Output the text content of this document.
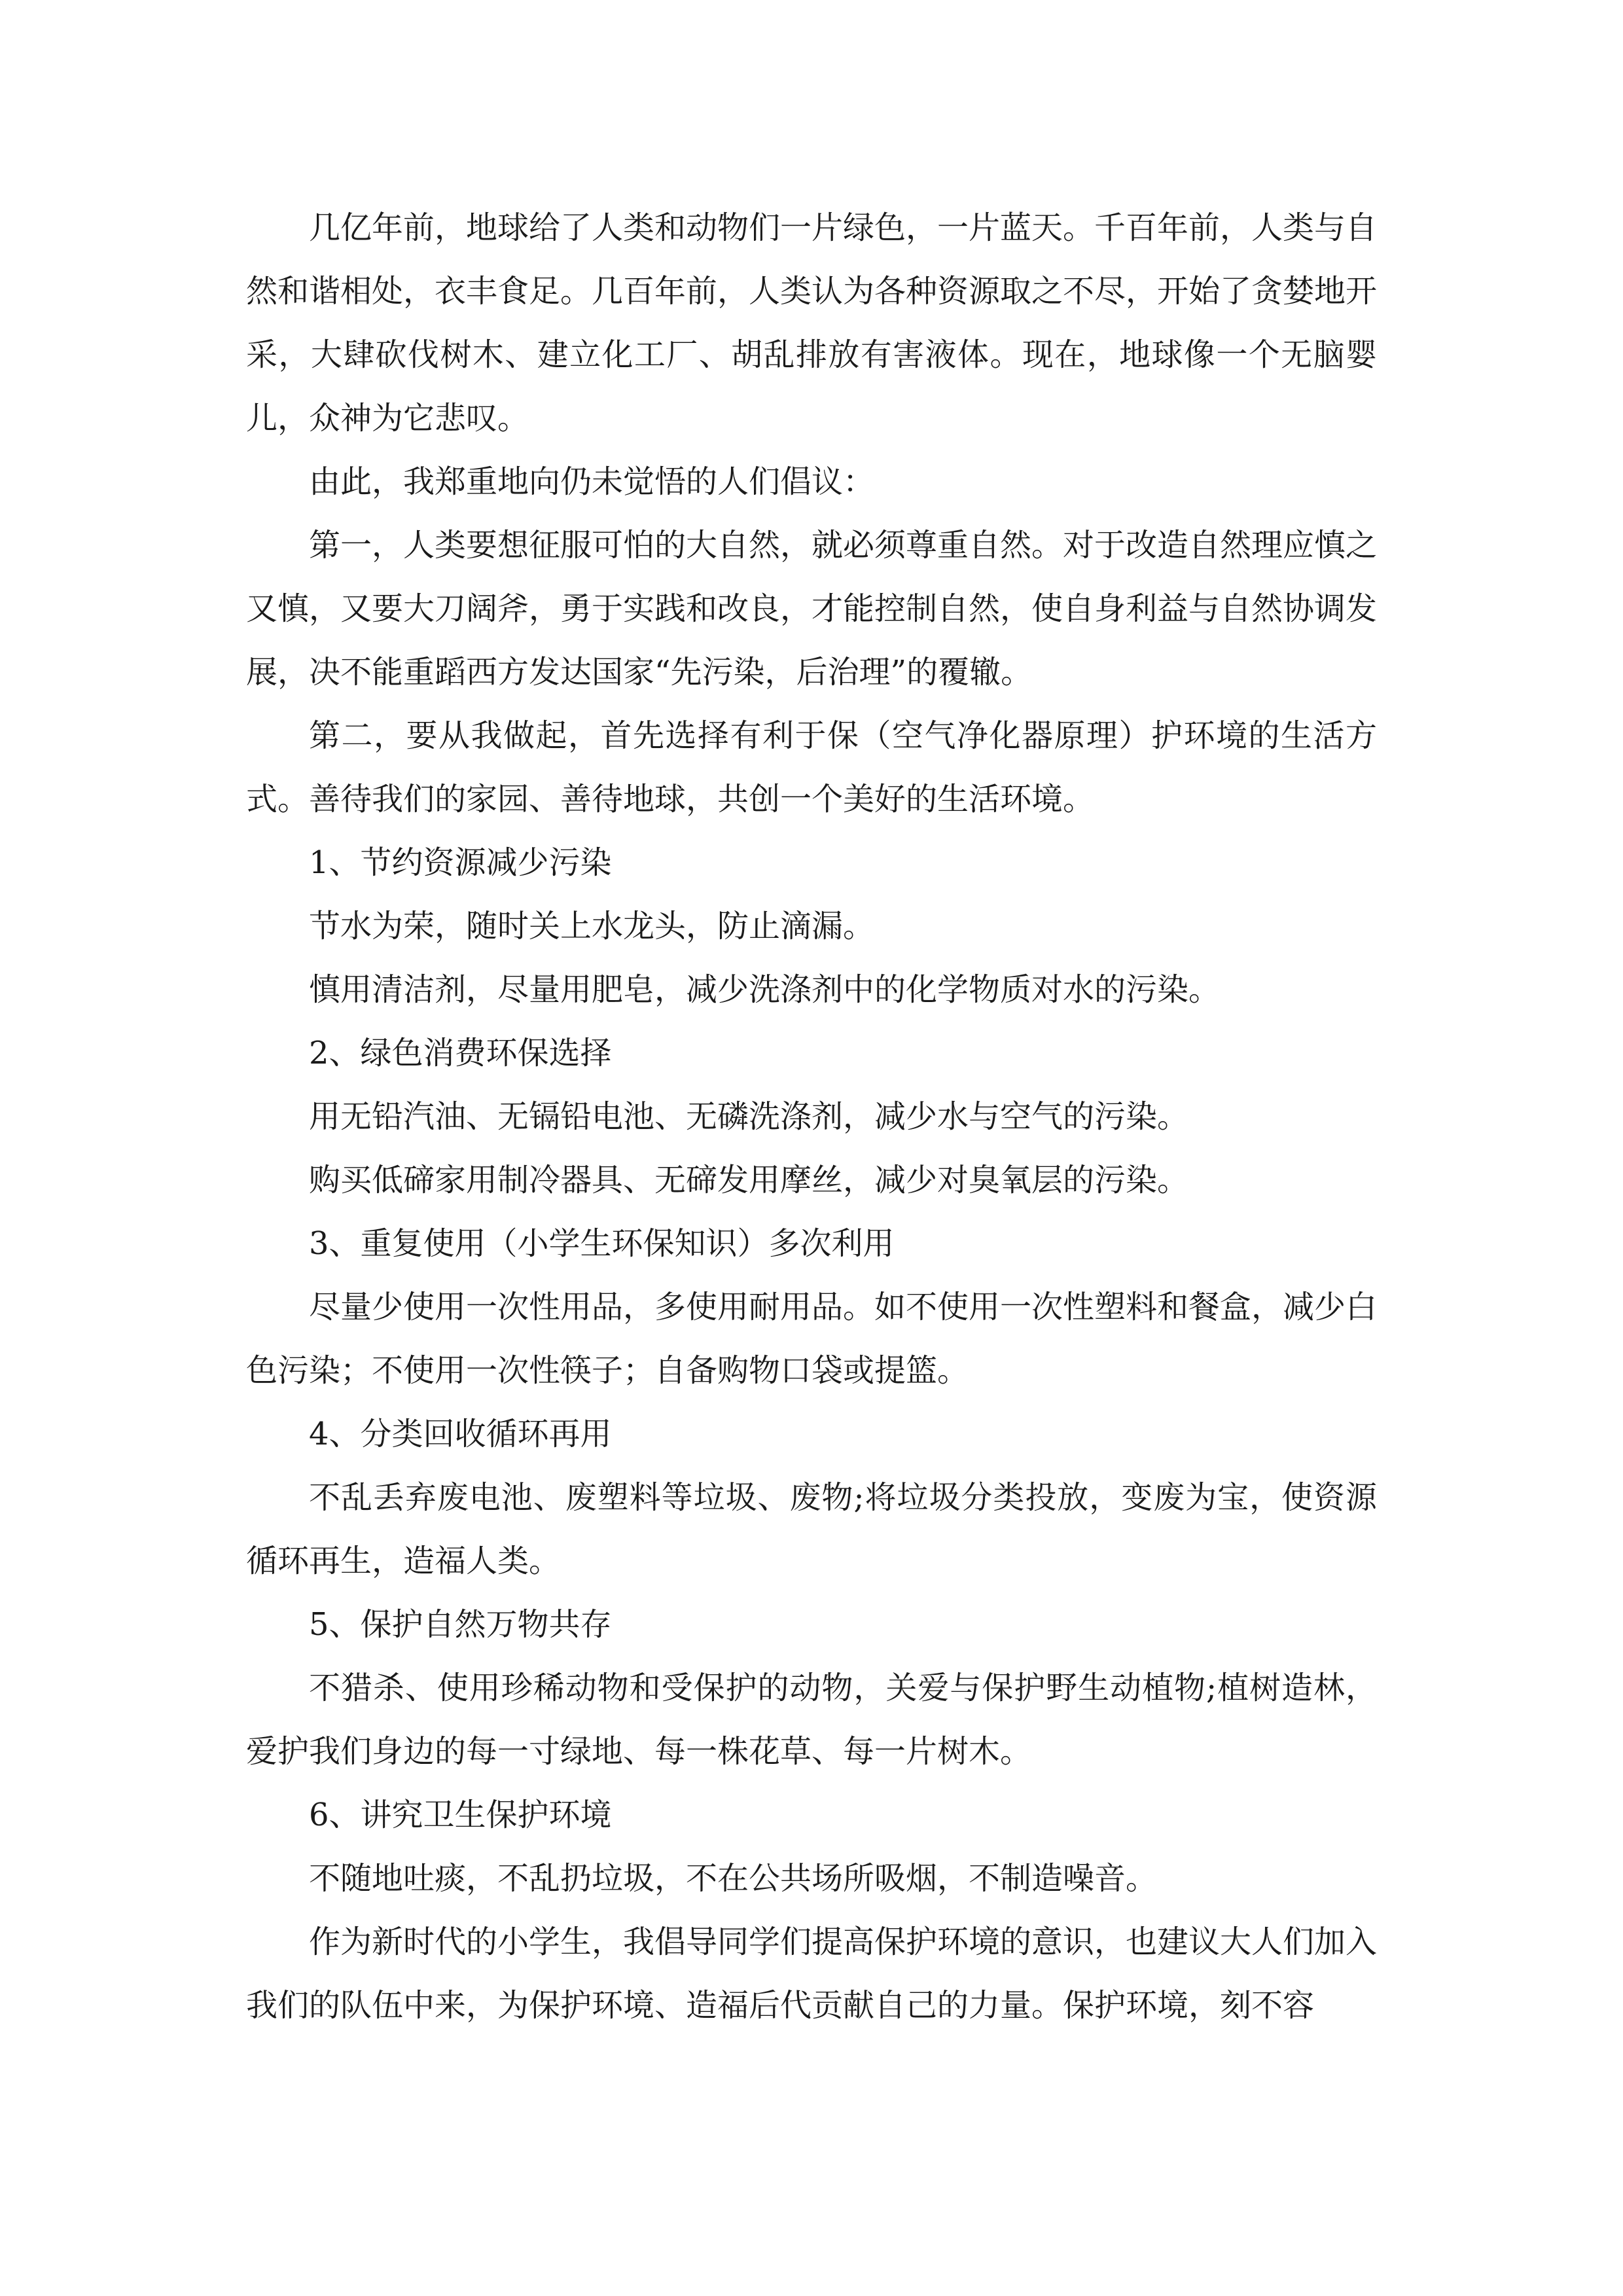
几亿年前，地球给了人类和动物们一片绿色，一片蓝天。千百年前，人类与自然和谐相处，衣丰食足。几百年前，人类认为各种资源取之不尽，开始了贪婪地开采，大肆砍伐树木、建立化工厂、胡乱排放有害液体。现在，地球像一个无脑婴儿，众神为它悲叹。

由此，我郑重地向仍未觉悟的人们倡议：

第一，人类要想征服可怕的大自然，就必须尊重自然。对于改造自然理应慎之又慎，又要大刀阔斧，勇于实践和改良，才能控制自然，使自身利益与自然协调发展，决不能重蹈西方发达国家“先污染，后治理”的覆辙。

第二，要从我做起，首先选择有利于保（空气净化器原理）护环境的生活方式。善待我们的家园、善待地球，共创一个美好的生活环境。

1、节约资源减少污染

节水为荣，随时关上水龙头，防止滴漏。

慎用清洁剂，尽量用肥皂，减少洗涤剂中的化学物质对水的污染。

2、绿色消费环保选择

用无铅汽油、无镉铅电池、无磷洗涤剂，减少水与空气的污染。

购买低碲家用制冷器具、无碲发用摩丝，减少对臭氧层的污染。

3、重复使用（小学生环保知识）多次利用

尽量少使用一次性用品，多使用耐用品。如不使用一次性塑料和餐盒，减少白色污染；不使用一次性筷子；自备购物口袋或提篮。

4、分类回收循环再用

不乱丢弃废电池、废塑料等垃圾、废物;将垃圾分类投放，变废为宝，使资源循环再生，造福人类。

5、保护自然万物共存

不猎杀、使用珍稀动物和受保护的动物，关爱与保护野生动植物;植树造林，爱护我们身边的每一寸绿地、每一株花草、每一片树木。

6、讲究卫生保护环境

不随地吐痰，不乱扔垃圾，不在公共场所吸烟，不制造噪音。

作为新时代的小学生，我倡导同学们提高保护环境的意识，也建议大人们加入我们的队伍中来，为保护环境、造福后代贡献自己的力量。保护环境，刻不容
